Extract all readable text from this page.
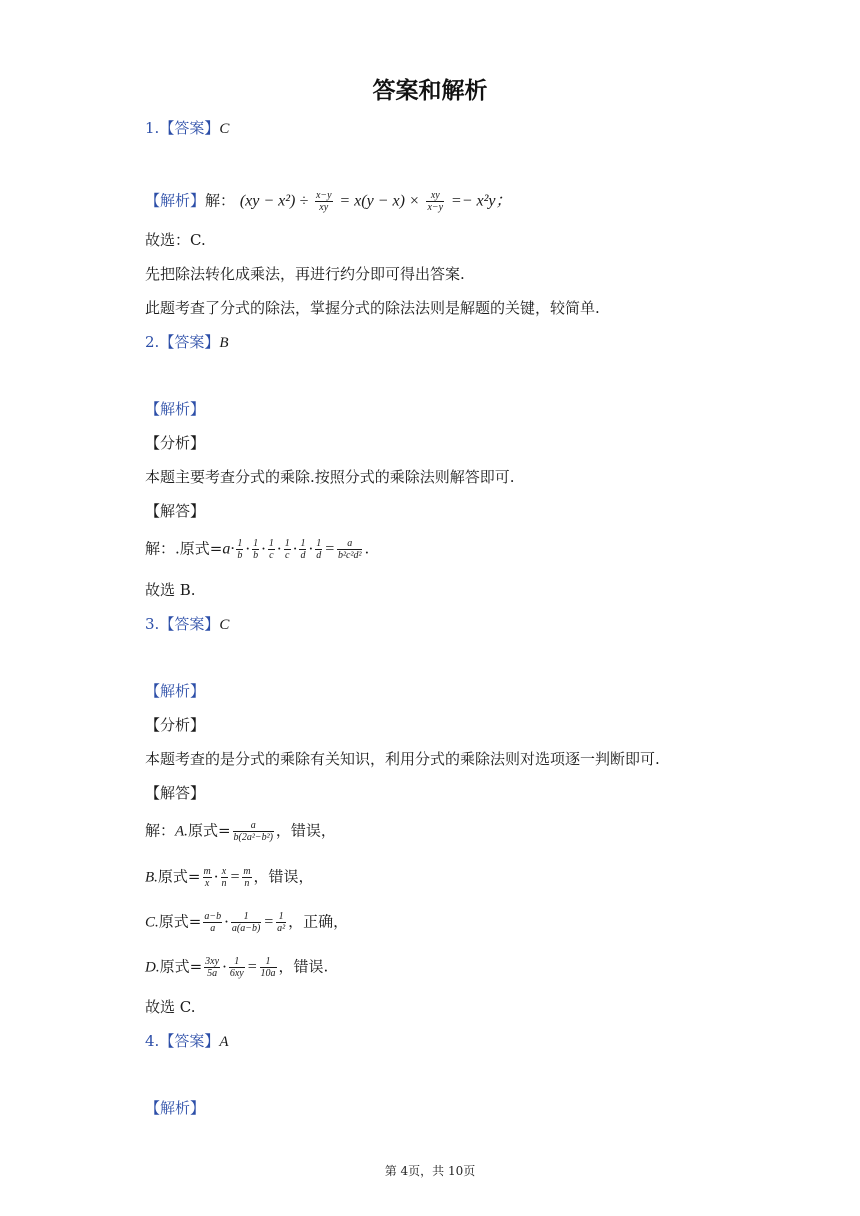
答案和解析
1.【答案】C
【解析】解： $(xy - x^2) \div \frac{x-y}{xy} = x(y - x) \times \frac{xy}{x-y} =- x^2y$；
故选：C.
先把除法转化成乘法，再进行约分即可得出答案.
此题考查了分式的除法，掌握分式的除法法则是解题的关键，较简单.
2.【答案】B
【解析】
【分析】
本题主要考查分式的乘除.按照分式的乘除法则解答即可.
【解答】
解：.原式$=a\cdot \frac{1}{b} \cdot \frac{1}{b} \cdot \frac{1}{c} \cdot \frac{1}{c} \cdot \frac{1}{d} \cdot \frac{1}{d} = \frac{a}{\text{b²c²d²}}$ .
故选 B.
3.【答案】C
【解析】
【分析】
本题考查的是分式的乘除有关知识，利用分式的乘除法则对选项逐一判断即可.
【解答】
解：A.原式= $\frac{a}{\text{b(2a²−b²)}}$ ，错误，
B.原式= $\frac{m}{x} \cdot \frac{x}{n} = \frac{m}{n}$ ，错误，
C.原式= $\frac{a-b}{a} \cdot \frac{1}{a(a-b)} = \frac{1}{\text{a²}}$ ，正确，
D.原式= $\frac{3xy}{5a} \cdot \frac{1}{6xy} = \frac{1}{10a}$ ，错误.
故选 C.
4.【答案】A
【解析】
第 4页，共 10页
